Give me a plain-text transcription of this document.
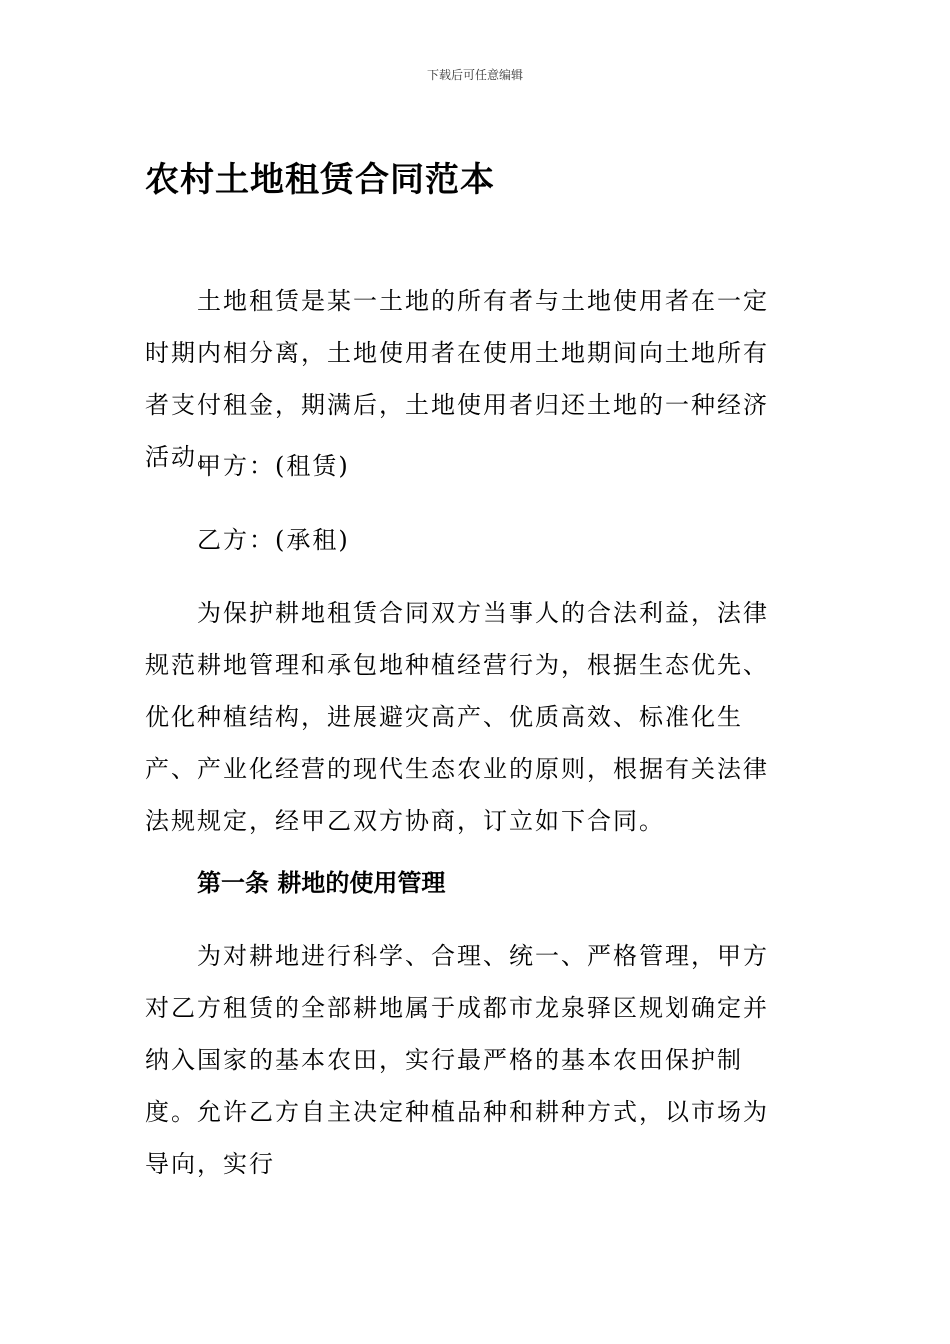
下载后可任意编辑
农村土地租赁合同范本

土地租赁是某一土地的所有者与土地使用者在一定时期内相分离，土地使用者在使用土地期间向土地所有者支付租金，期满后，土地使用者归还土地的一种经济活动。

甲方：(租赁)

乙方：(承租)

为保护耕地租赁合同双方当事人的合法利益，法律规范耕地管理和承包地种植经营行为，根据生态优先、优化种植结构，进展避灾高产、优质高效、标准化生产、产业化经营的现代生态农业的原则，根据有关法律法规规定，经甲乙双方协商，订立如下合同。

第一条 耕地的使用管理

为对耕地进行科学、合理、统一、严格管理，甲方对乙方租赁的全部耕地属于成都市龙泉驿区规划确定并纳入国家的基本农田，实行最严格的基本农田保护制度。允许乙方自主决定种植品种和耕种方式，以市场为导向，实行
